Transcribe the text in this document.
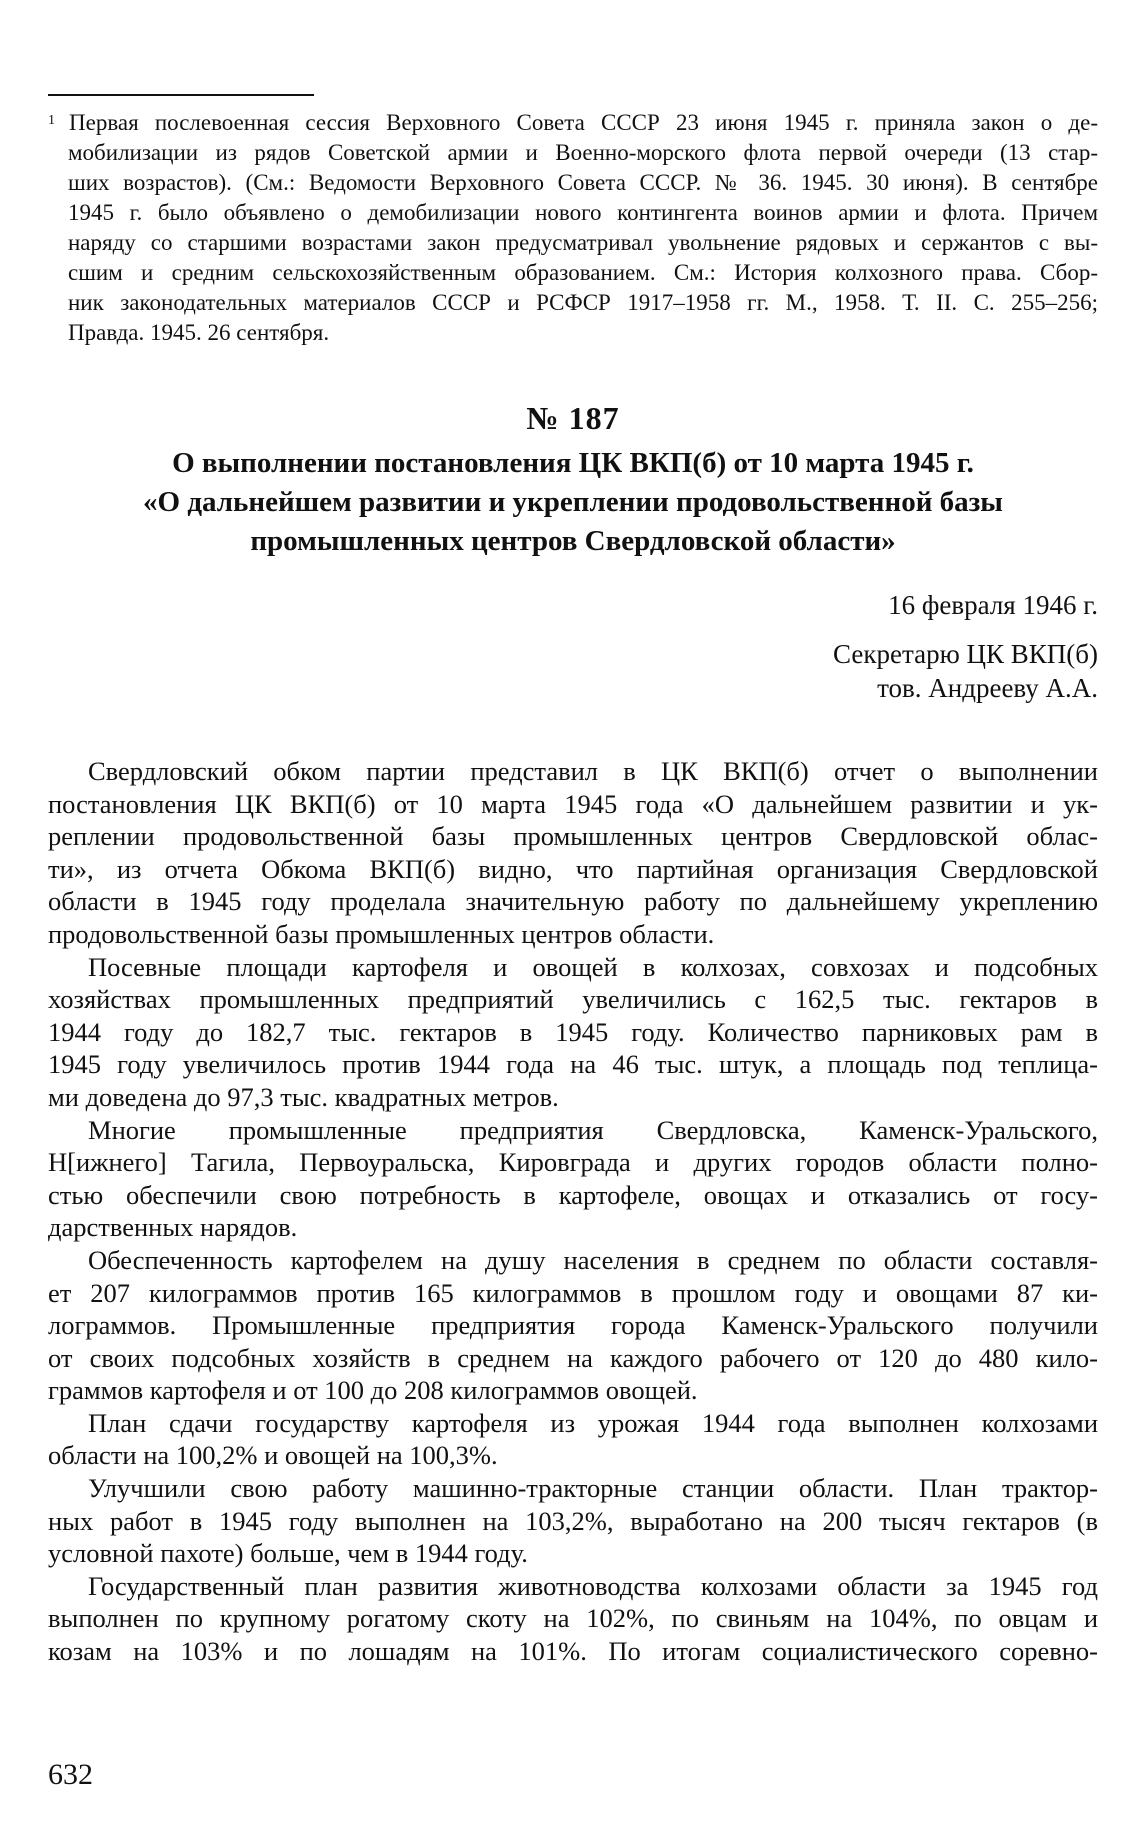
$^1$ Первая послевоенная сессия Верховного Совета СССР 23 июня 1945 г. приняла закон о де-
мобилизации из рядов Советской армии и Военно-морского флота первой очереди (13 стар-
ших возрастов). (См.: Ведомости Верховного Совета СССР. № 36. 1945. 30 июня). В сентябре
1945 г. было объявлено о демобилизации нового контингента воинов армии и флота. Причем
наряду со старшими возрастами закон предусматривал увольнение рядовых и сержантов с вы-
сшим и средним сельскохозяйственным образованием. См.: История колхозного права. Сбор-
ник законодательных материалов СССР и РСФСР 1917–1958 гг. М., 1958. Т. II. С. 255–256;
Правда. 1945. 26 сентября.
№ 187
О выполнении постановления ЦК ВКП(б) от 10 марта 1945 г.
«О дальнейшем развитии и укреплении продовольственной базы
промышленных центров Свердловской области»
16 февраля 1946 г.
Секретарю ЦК ВКП(б)
тов. Андрееву А.А.
Свердловский обком партии представил в ЦК ВКП(б) отчет о выполнении
постановления ЦК ВКП(б) от 10 марта 1945 года «О дальнейшем развитии и ук-
реплении продовольственной базы промышленных центров Свердловской облас-
ти», из отчета Обкома ВКП(б) видно, что партийная организация Свердловской
области в 1945 году проделала значительную работу по дальнейшему укреплению
продовольственной базы промышленных центров области.
Посевные площади картофеля и овощей в колхозах, совхозах и подсобных
хозяйствах промышленных предприятий увеличились с 162,5 тыс. гектаров в
1944 году до 182,7 тыс. гектаров в 1945 году. Количество парниковых рам в
1945 году увеличилось против 1944 года на 46 тыс. штук, а площадь под теплица-
ми доведена до 97,3 тыс. квадратных метров.
Многие промышленные предприятия Свердловска, Каменск-Уральского,
Н[ижнего] Тагила, Первоуральска, Кировграда и других городов области полно-
стью обеспечили свою потребность в картофеле, овощах и отказались от госу-
дарственных нарядов.
Обеспеченность картофелем на душу населения в среднем по области составля-
ет 207 килограммов против 165 килограммов в прошлом году и овощами 87 ки-
лограммов. Промышленные предприятия города Каменск-Уральского получили
от своих подсобных хозяйств в среднем на каждого рабочего от 120 до 480 кило-
граммов картофеля и от 100 до 208 килограммов овощей.
План сдачи государству картофеля из урожая 1944 года выполнен колхозами
области на 100,2% и овощей на 100,3%.
Улучшили свою работу машинно-тракторные станции области. План трактор-
ных работ в 1945 году выполнен на 103,2%, выработано на 200 тысяч гектаров (в
условной пахоте) больше, чем в 1944 году.
Государственный план развития животноводства колхозами области за 1945 год
выполнен по крупному рогатому скоту на 102%, по свиньям на 104%, по овцам и
козам на 103% и по лошадям на 101%. По итогам социалистического соревно-
632
